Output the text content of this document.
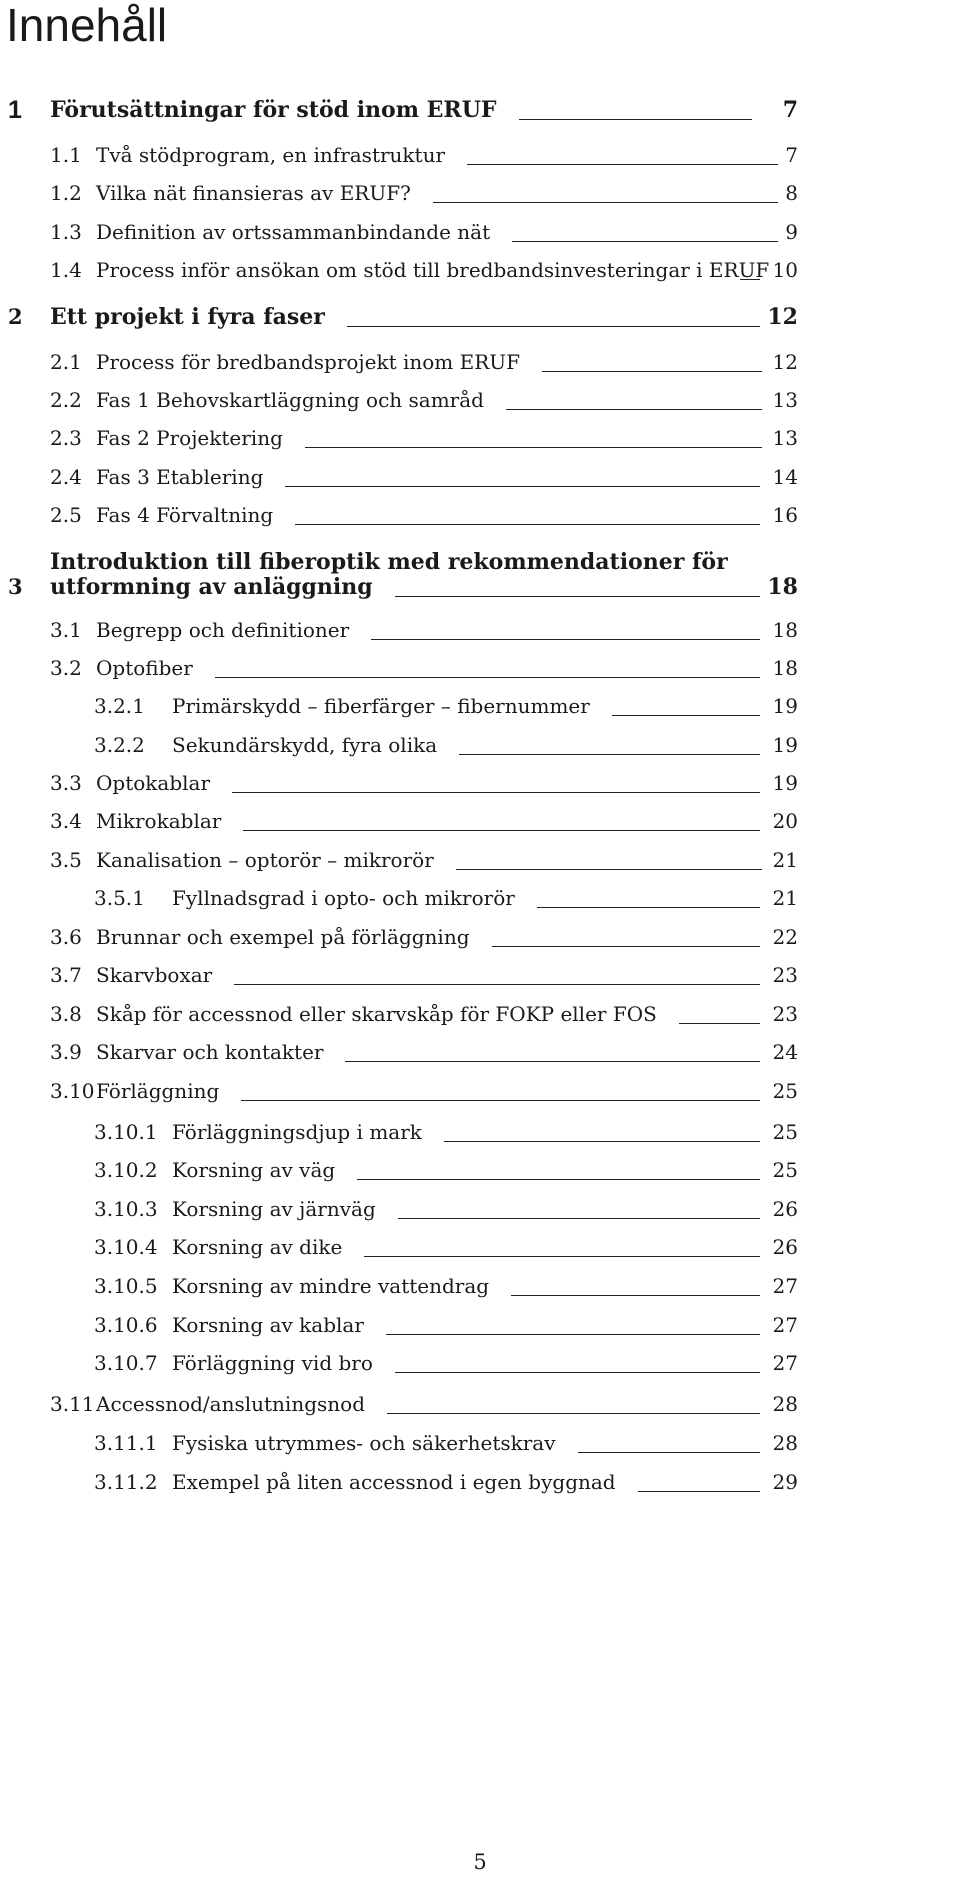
Innehåll
1 Förutsättningar för stöd inom ERUF	7
1.1 Två stödprogram, en infrastruktur	7
1.2 Vilka nät finansieras av ERUF?	8
1.3 Definition av ortssammanbindande nät	9
1.4 Process inför ansökan om stöd till bredbandsinvesteringar i ERUF 10
2 Ett projekt i fyra faser	12
2.1 Process för bredbandsprojekt inom ERUF	12
2.2 Fas 1 Behovskartläggning och samråd	13
2.3 Fas 2 Projektering	13
2.4 Fas 3 Etablering	14
2.5 Fas 4 Förvaltning	16
3
Introduktion till fiberoptik med rekommendationer för
utformning av anläggning	18
3.1 Begrepp och definitioner	18
3.2 Optofiber	18
3.2.1 Primärskydd – fiberfärger – fibernummer	19
3.2.2 Sekundärskydd, fyra olika	19
3.3 Optokablar	19
3.4 Mikrokablar	20
3.5 Kanalisation – optorör – mikrorör	21
3.5.1 Fyllnadsgrad i opto- och mikrorör	21
3.6 Brunnar och exempel på förläggning	22
3.7 Skarvboxar	23
3.8 Skåp för accessnod eller skarvskåp för FOKP eller FOS	23
3.9 Skarvar och kontakter	24
3.10 Förläggning	25
3.10.1 Förläggningsdjup i mark	25
3.10.2 Korsning av väg	25
3.10.3 Korsning av järnväg	26
3.10.4 Korsning av dike	26
3.10.5 Korsning av mindre vattendrag	27
3.10.6 Korsning av kablar	27
3.10.7 Förläggning vid bro	27
3.11 Accessnod/anslutningsnod	28
3.11.1 Fysiska utrymmes- och säkerhetskrav	28
3.11.2 Exempel på liten accessnod i egen byggnad	29
5
